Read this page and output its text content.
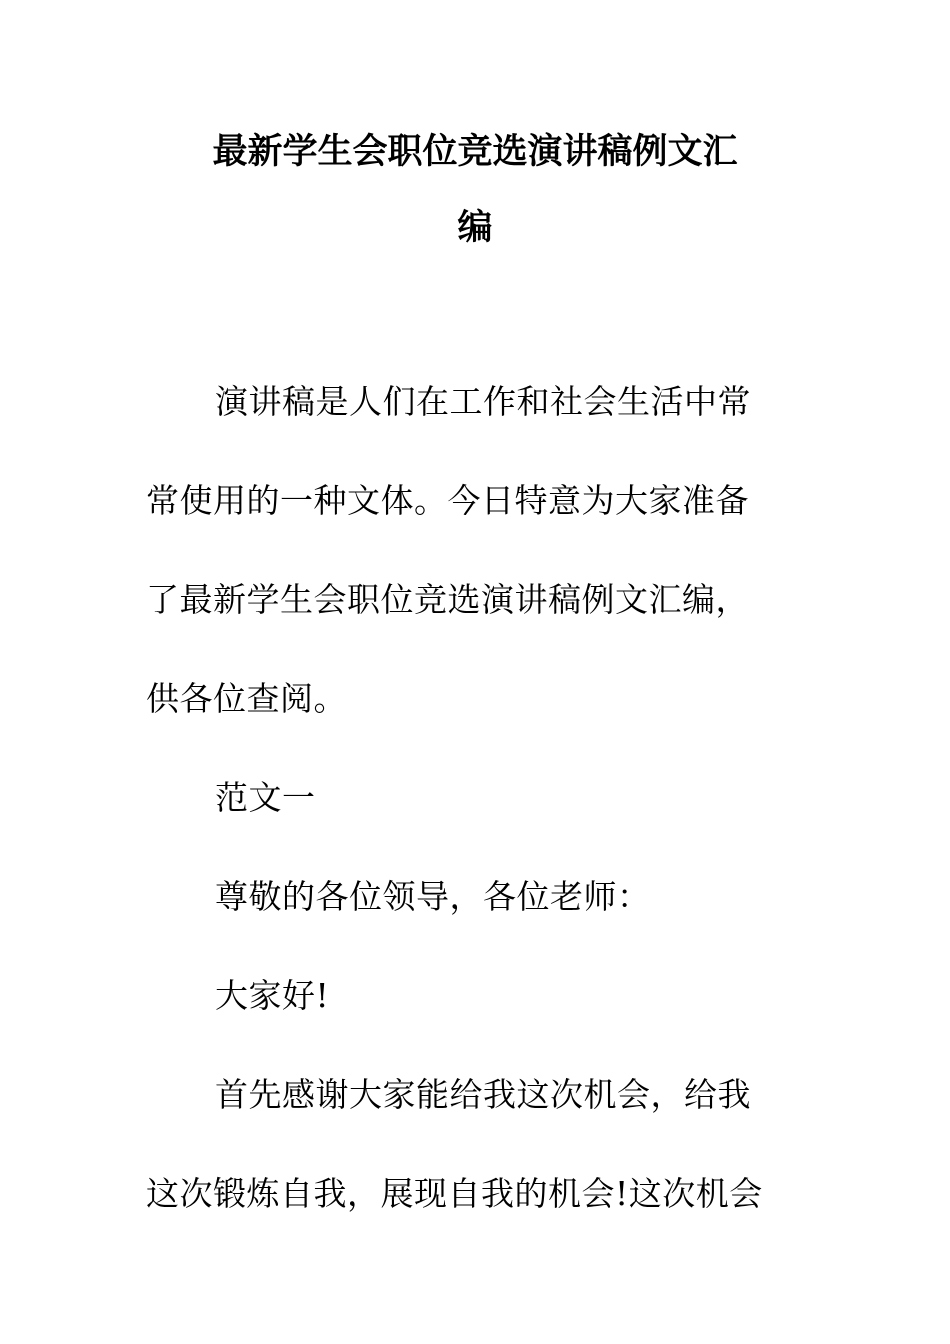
最新学生会职位竞选演讲稿例文汇
编
演讲稿是人们在工作和社会生活中常
常使用的一种文体。今日特意为大家准备
了最新学生会职位竞选演讲稿例文汇编，
供各位查阅。
范文一
尊敬的各位领导，各位老师：
大家好!
首先感谢大家能给我这次机会，给我
这次锻炼自我，展现自我的机会!这次机会
